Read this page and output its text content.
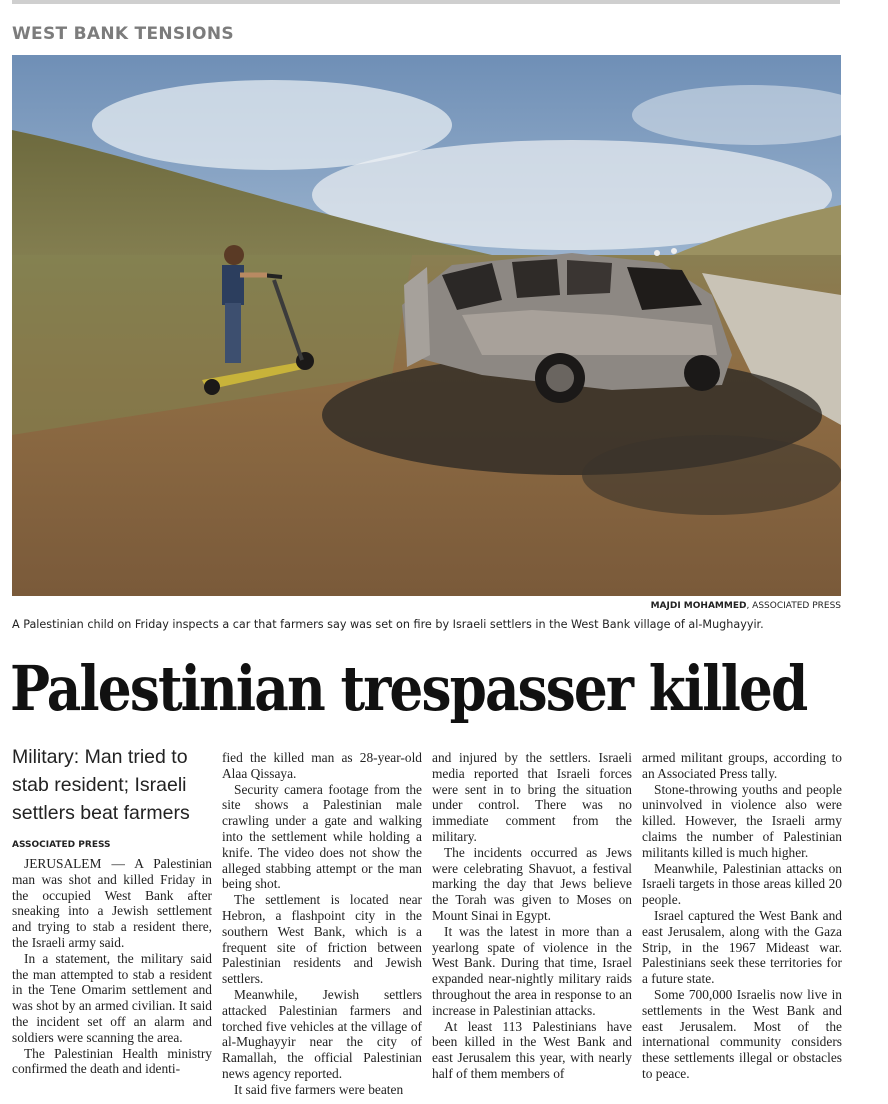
WEST BANK TENSIONS
MAJDI MOHAMMED, ASSOCIATED PRESS
A Palestinian child on Friday inspects a car that farmers say was set on fire by Israeli settlers in the West Bank village of al-Mughayyir.
Palestinian trespasser killed
Military: Man tried to stab resident; Israeli settlers beat farmers
ASSOCIATED PRESS

JERUSALEM — A Palestinian man was shot and killed Friday in the occupied West Bank after sneaking into a Jewish settlement and trying to stab a resident there, the Israeli army said.

In a statement, the military said the man attempted to stab a resident in the Tene Omarim settlement and was shot by an armed civilian. It said the incident set off an alarm and soldiers were scanning the area.

The Palestinian Health ministry confirmed the death and identi-

fied the killed man as 28-year-old Alaa Qissaya.

Security camera footage from the site shows a Palestinian male crawling under a gate and walking into the settlement while holding a knife. The video does not show the alleged stabbing attempt or the man being shot.

The settlement is located near Hebron, a flashpoint city in the southern West Bank, which is a frequent site of friction between Palestinian residents and Jewish settlers.

Meanwhile, Jewish settlers attacked Palestinian farmers and torched five vehicles at the village of al-Mughayyir near the city of Ramallah, the official Palestinian news agency reported.

It said five farmers were beaten

and injured by the settlers. Israeli media reported that Israeli forces were sent in to bring the situation under control. There was no immediate comment from the military.

The incidents occurred as Jews were celebrating Shavuot, a festival marking the day that Jews believe the Torah was given to Moses on Mount Sinai in Egypt.

It was the latest in more than a yearlong spate of violence in the West Bank. During that time, Israel expanded near-nightly military raids throughout the area in response to an increase in Palestinian attacks.

At least 113 Palestinians have been killed in the West Bank and east Jerusalem this year, with nearly half of them members of

armed militant groups, according to an Associated Press tally.

Stone-throwing youths and people uninvolved in violence also were killed. However, the Israeli army claims the number of Palestinian militants killed is much higher.

Meanwhile, Palestinian attacks on Israeli targets in those areas killed 20 people.

Israel captured the West Bank and east Jerusalem, along with the Gaza Strip, in the 1967 Mideast war. Palestinians seek these territories for a future state.

Some 700,000 Israelis now live in settlements in the West Bank and east Jerusalem. Most of the international community considers these settlements illegal or obstacles to peace.
